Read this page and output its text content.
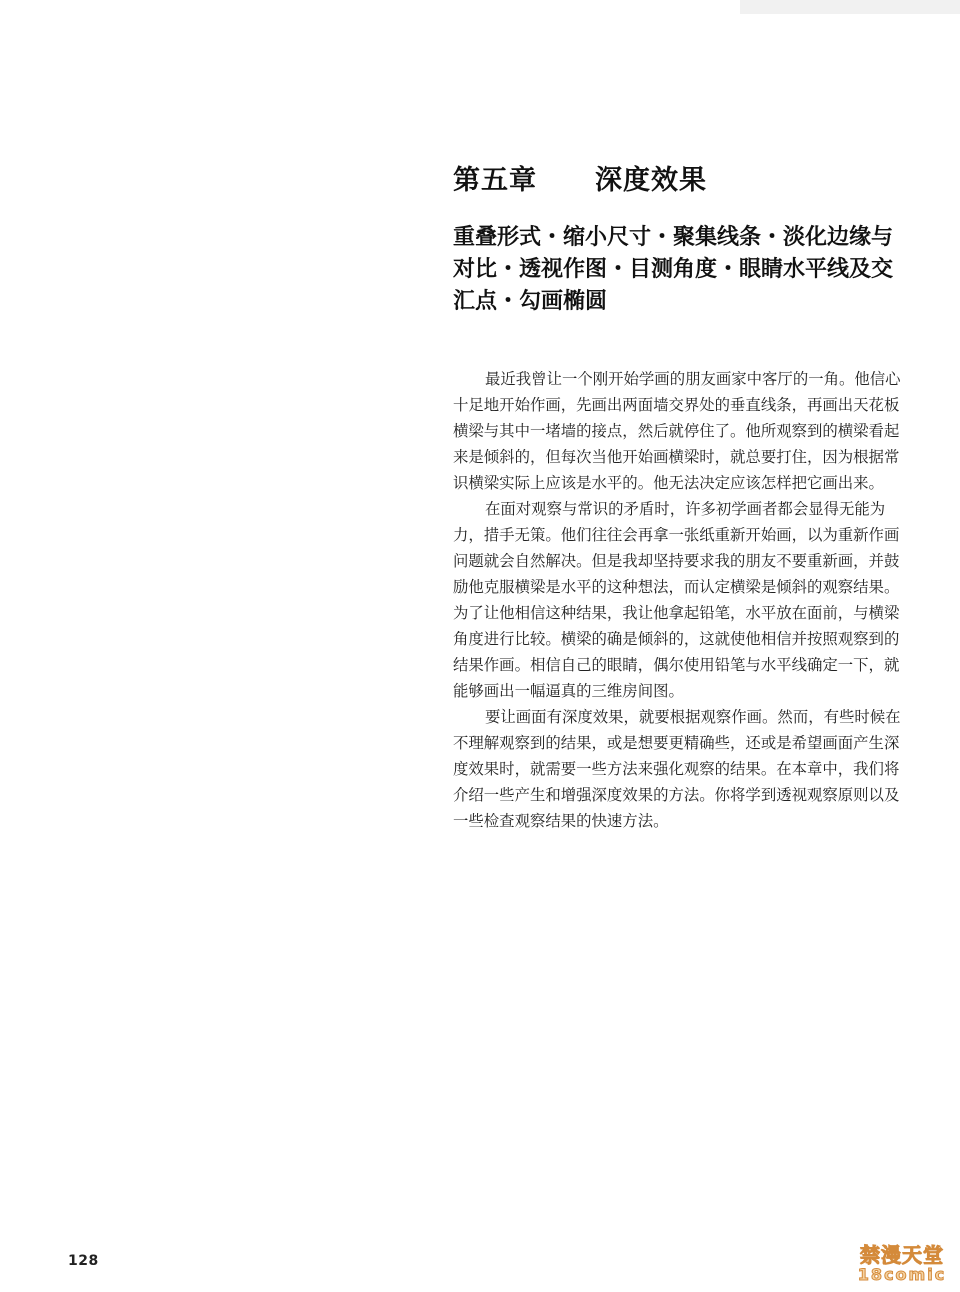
第五章 深度效果
重叠形式・缩小尺寸・聚集线条・淡化边缘与
对比・透视作图・目测角度・眼睛水平线及交
汇点・勾画椭圆
最近我曾让一个刚开始学画的朋友画家中客厅的一角。他信心
十足地开始作画，先画出两面墙交界处的垂直线条，再画出天花板
横梁与其中一堵墙的接点，然后就停住了。他所观察到的横梁看起
来是倾斜的，但每次当他开始画横梁时，就总要打住，因为根据常
识横梁实际上应该是水平的。他无法决定应该怎样把它画出来。
在面对观察与常识的矛盾时，许多初学画者都会显得无能为
力，措手无策。他们往往会再拿一张纸重新开始画，以为重新作画
问题就会自然解决。但是我却坚持要求我的朋友不要重新画，并鼓
励他克服横梁是水平的这种想法，而认定横梁是倾斜的观察结果。
为了让他相信这种结果，我让他拿起铅笔，水平放在面前，与横梁
角度进行比较。横梁的确是倾斜的，这就使他相信并按照观察到的
结果作画。相信自己的眼睛，偶尔使用铅笔与水平线确定一下，就
能够画出一幅逼真的三维房间图。
要让画面有深度效果，就要根据观察作画。然而，有些时候在
不理解观察到的结果，或是想要更精确些，还或是希望画面产生深
度效果时，就需要一些方法来强化观察的结果。在本章中，我们将
介绍一些产生和增强深度效果的方法。你将学到透视观察原则以及
一些检查观察结果的快速方法。
128	禁漫天堂
18comic
